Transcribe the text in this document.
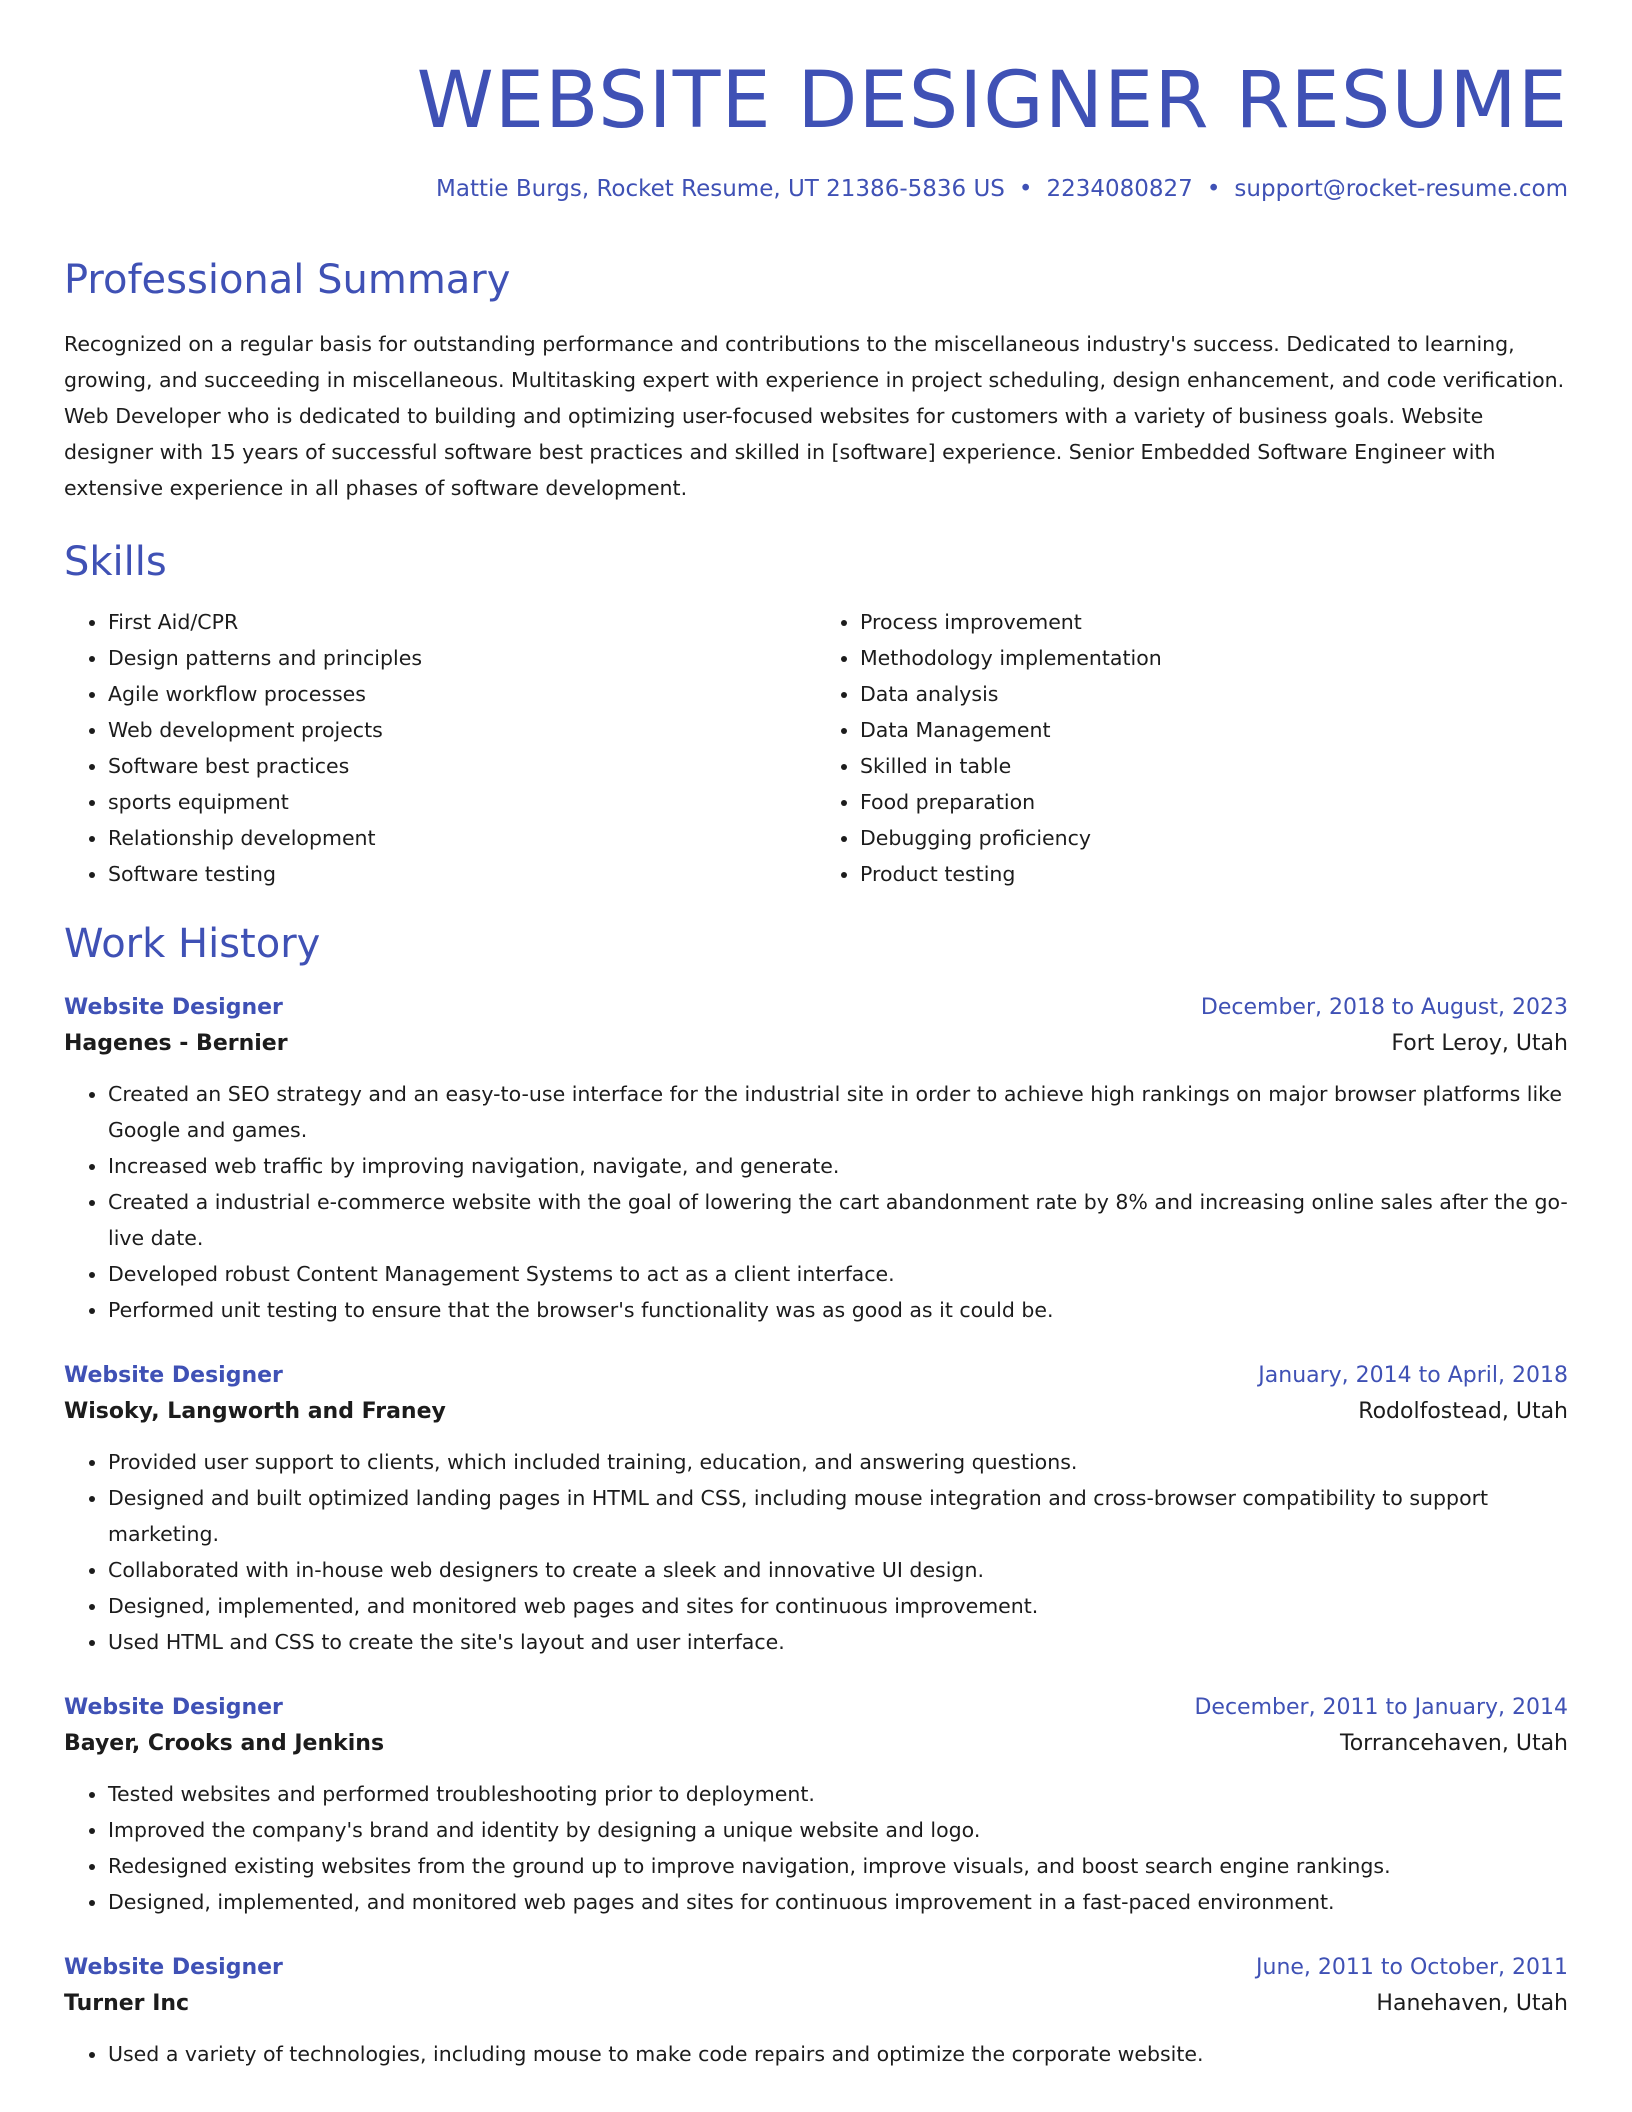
WEBSITE DESIGNER RESUME
Mattie Burgs, Rocket Resume, UT 21386-5836 US • 2234080827 • support@rocket-resume.com
Professional Summary
Recognized on a regular basis for outstanding performance and contributions to the miscellaneous industry's success. Dedicated to learning, growing, and succeeding in miscellaneous. Multitasking expert with experience in project scheduling, design enhancement, and code verification. Web Developer who is dedicated to building and optimizing user-focused websites for customers with a variety of business goals. Website designer with 15 years of successful software best practices and skilled in [software] experience. Senior Embedded Software Engineer with extensive experience in all phases of software development.
Skills
• First Aid/CPR
• Design patterns and principles
• Agile workflow processes
• Web development projects
• Software best practices
• sports equipment
• Relationship development
• Software testing
• Process improvement
• Methodology implementation
• Data analysis
• Data Management
• Skilled in table
• Food preparation
• Debugging proficiency
• Product testing
Work History
Website Designer	December, 2018 to August, 2023
Hagenes - Bernier	Fort Leroy, Utah
• Created an SEO strategy and an easy-to-use interface for the industrial site in order to achieve high rankings on major browser platforms like Google and games.
• Increased web traffic by improving navigation, navigate, and generate.
• Created a industrial e-commerce website with the goal of lowering the cart abandonment rate by 8% and increasing online sales after the go-live date.
• Developed robust Content Management Systems to act as a client interface.
• Performed unit testing to ensure that the browser's functionality was as good as it could be.
Website Designer	January, 2014 to April, 2018
Wisoky, Langworth and Franey	Rodolfostead, Utah
• Provided user support to clients, which included training, education, and answering questions.
• Designed and built optimized landing pages in HTML and CSS, including mouse integration and cross-browser compatibility to support marketing.
• Collaborated with in-house web designers to create a sleek and innovative UI design.
• Designed, implemented, and monitored web pages and sites for continuous improvement.
• Used HTML and CSS to create the site's layout and user interface.
Website Designer	December, 2011 to January, 2014
Bayer, Crooks and Jenkins	Torrancehaven, Utah
• Tested websites and performed troubleshooting prior to deployment.
• Improved the company's brand and identity by designing a unique website and logo.
• Redesigned existing websites from the ground up to improve navigation, improve visuals, and boost search engine rankings.
• Designed, implemented, and monitored web pages and sites for continuous improvement in a fast-paced environment.
Website Designer	June, 2011 to October, 2011
Turner Inc	Hanehaven, Utah
• Used a variety of technologies, including mouse to make code repairs and optimize the corporate website.
